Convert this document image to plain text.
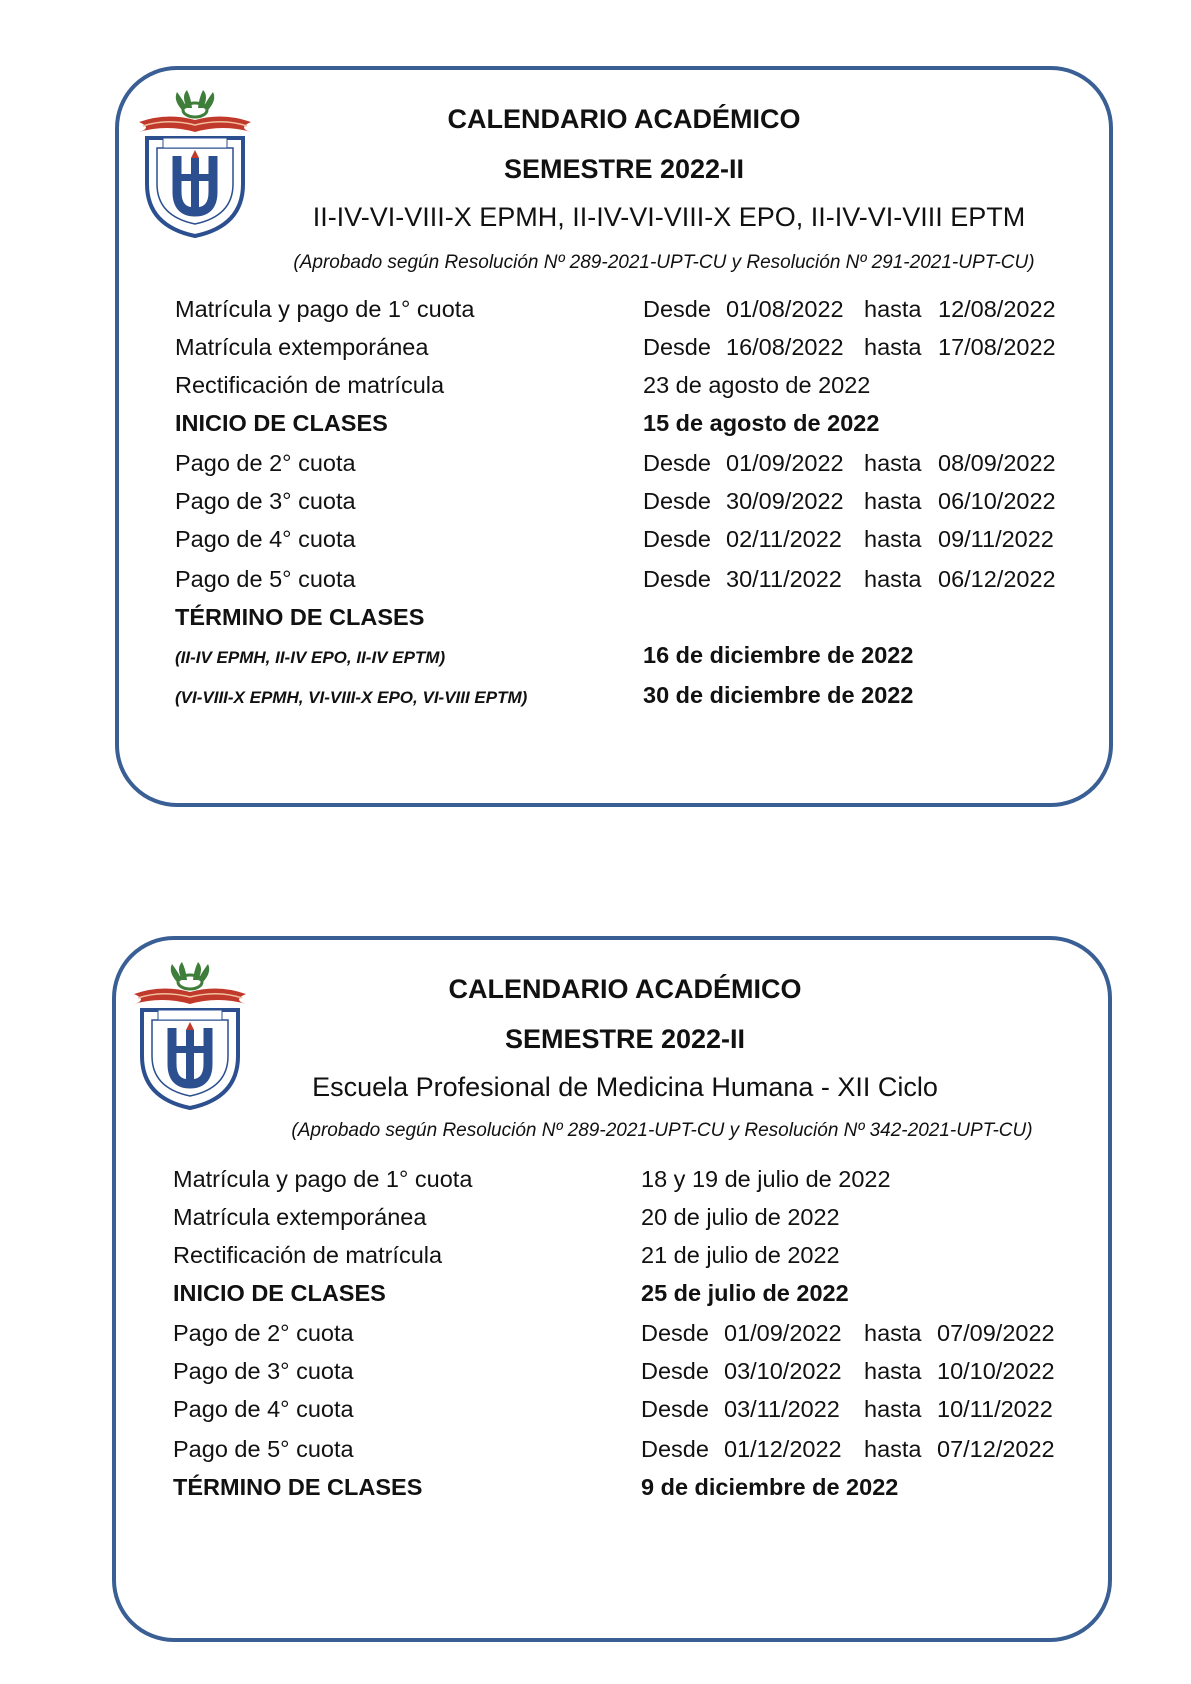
CALENDARIO ACADÉMICO
SEMESTRE 2022-II
II-IV-VI-VIII-X EPMH, II-IV-VI-VIII-X EPO, II-IV-VI-VIII EPTM
(Aprobado según Resolución Nº 289-2021-UPT-CU y Resolución Nº 291-2021-UPT-CU)
Matrícula y pago de 1° cuota	Desde 01/08/2022 hasta 12/08/2022
Matrícula extemporánea	Desde 16/08/2022 hasta 17/08/2022
Rectificación de matrícula	23 de agosto de 2022
INICIO DE CLASES	15 de agosto de 2022
Pago de 2° cuota	Desde 01/09/2022 hasta 08/09/2022
Pago de 3° cuota	Desde 30/09/2022 hasta 06/10/2022
Pago de 4° cuota	Desde 02/11/2022 hasta 09/11/2022
Pago de 5° cuota	Desde 30/11/2022 hasta 06/12/2022
TÉRMINO DE CLASES
(II-IV EPMH, II-IV EPO, II-IV EPTM)	16 de diciembre de 2022
(VI-VIII-X EPMH, VI-VIII-X EPO, VI-VIII EPTM)	30 de diciembre de 2022
CALENDARIO ACADÉMICO
SEMESTRE 2022-II
Escuela Profesional de Medicina Humana - XII Ciclo
(Aprobado según Resolución Nº 289-2021-UPT-CU y Resolución Nº 342-2021-UPT-CU)
Matrícula y pago de 1° cuota	18 y 19 de julio de 2022
Matrícula extemporánea	20 de julio de 2022
Rectificación de matrícula	21 de julio de 2022
INICIO DE CLASES	25 de julio de 2022
Pago de 2° cuota	Desde 01/09/2022 hasta 07/09/2022
Pago de 3° cuota	Desde 03/10/2022 hasta 10/10/2022
Pago de 4° cuota	Desde 03/11/2022 hasta 10/11/2022
Pago de 5° cuota	Desde 01/12/2022 hasta 07/12/2022
TÉRMINO DE CLASES	9 de diciembre de 2022
